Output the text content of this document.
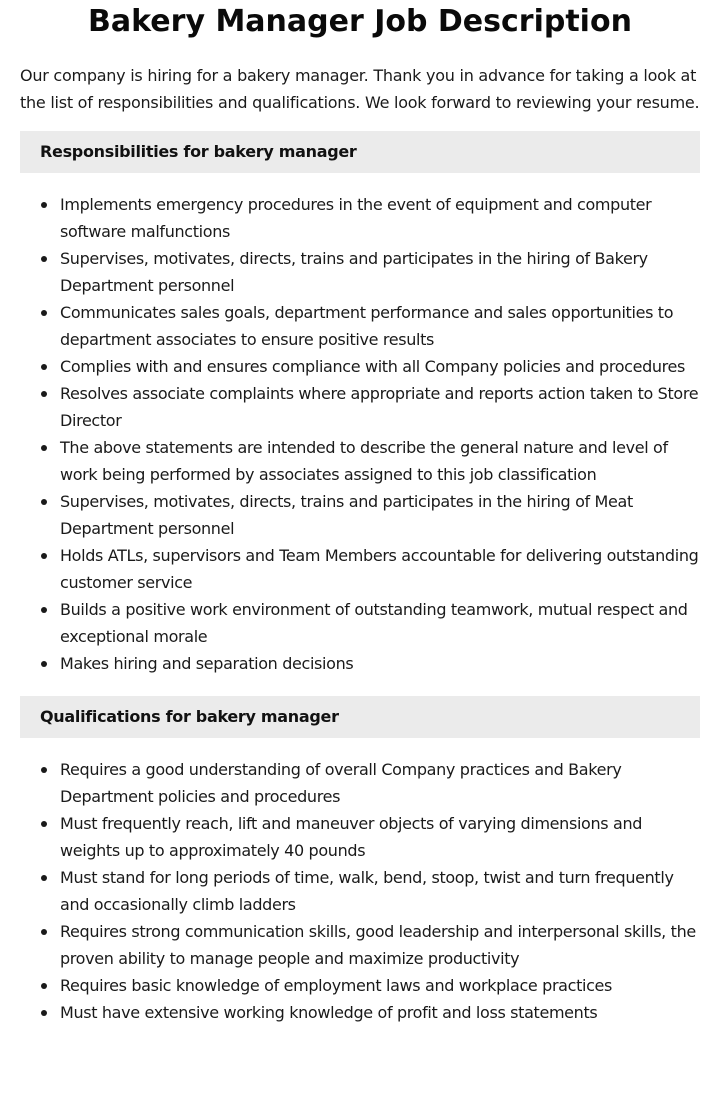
Bakery Manager Job Description

Our company is hiring for a bakery manager. Thank you in advance for taking a look at the list of responsibilities and qualifications. We look forward to reviewing your resume.

Responsibilities for bakery manager
Implements emergency procedures in the event of equipment and computer software malfunctions
Supervises, motivates, directs, trains and participates in the hiring of Bakery Department personnel
Communicates sales goals, department performance and sales opportunities to department associates to ensure positive results
Complies with and ensures compliance with all Company policies and procedures
Resolves associate complaints where appropriate and reports action taken to Store Director
The above statements are intended to describe the general nature and level of work being performed by associates assigned to this job classification
Supervises, motivates, directs, trains and participates in the hiring of Meat Department personnel
Holds ATLs, supervisors and Team Members accountable for delivering outstanding customer service
Builds a positive work environment of outstanding teamwork, mutual respect and exceptional morale
Makes hiring and separation decisions
Qualifications for bakery manager
Requires a good understanding of overall Company practices and Bakery Department policies and procedures
Must frequently reach, lift and maneuver objects of varying dimensions and weights up to approximately 40 pounds
Must stand for long periods of time, walk, bend, stoop, twist and turn frequently and occasionally climb ladders
Requires strong communication skills, good leadership and interpersonal skills, the proven ability to manage people and maximize productivity
Requires basic knowledge of employment laws and workplace practices
Must have extensive working knowledge of profit and loss statements
